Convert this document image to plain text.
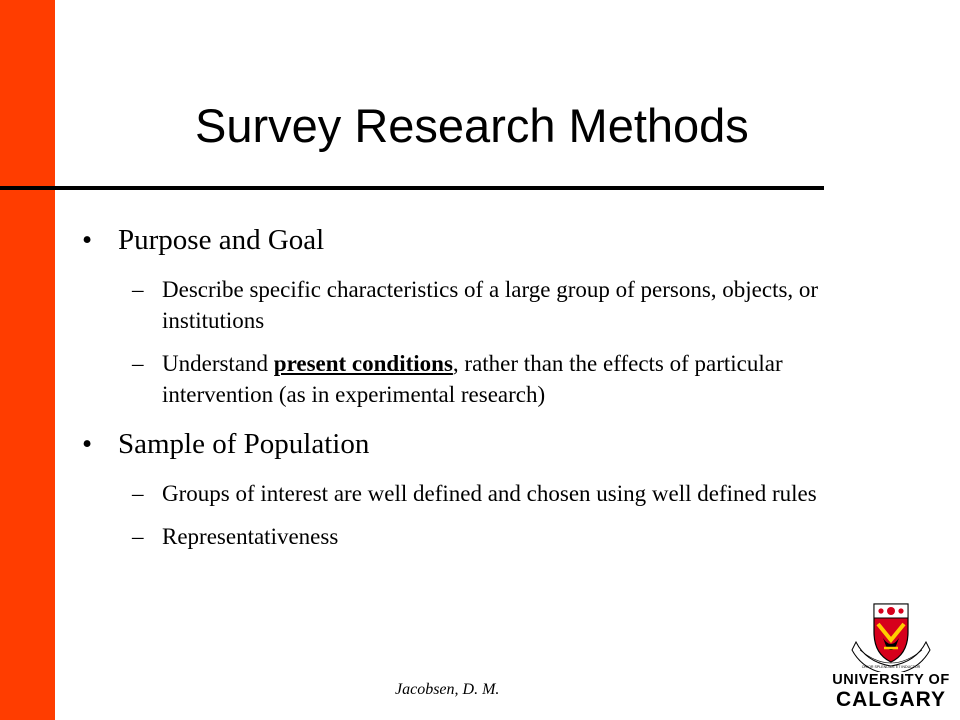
Survey Research Methods
• Purpose and Goal
– Describe specific characteristics of a large group of persons, objects, or institutions
– Understand present conditions, rather than the effects of particular intervention (as in experimental research)
• Sample of Population
– Groups of interest are well defined and chosen using well defined rules
– Representativeness
Jacobsen, D. M.
ORIOR SPLENDIDE ET INDUCTOR
UNIVERSITY OF
CALGARY
